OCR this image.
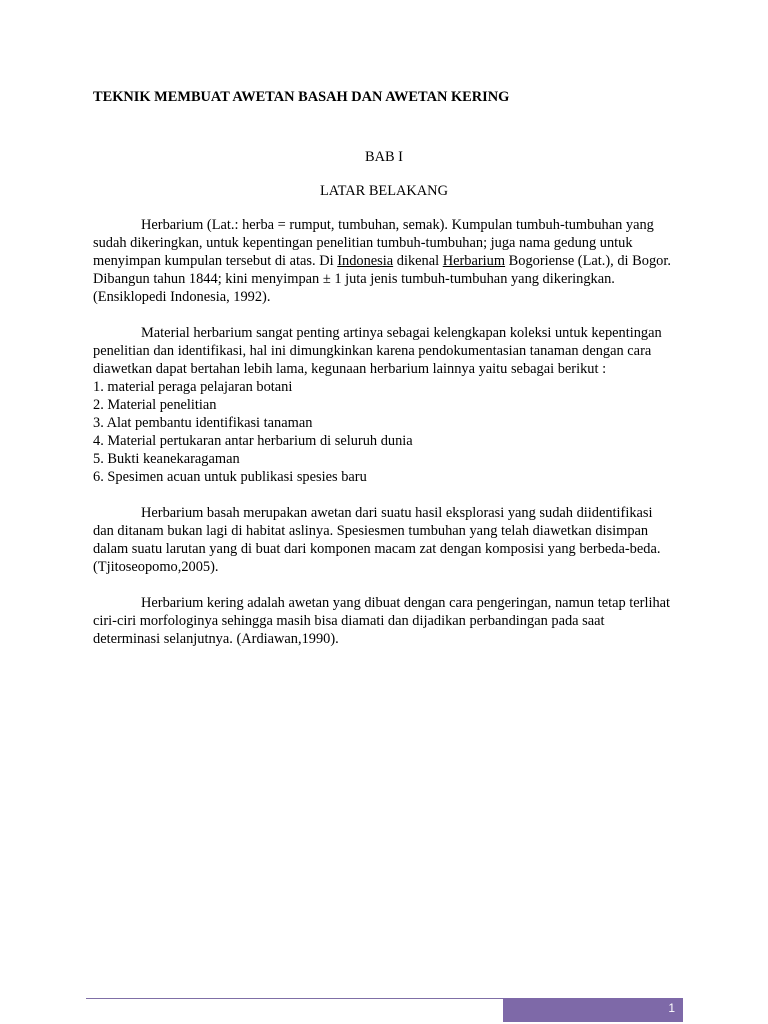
TEKNIK MEMBUAT AWETAN BASAH DAN AWETAN KERING
BAB I
LATAR BELAKANG

Herbarium (Lat.: herba = rumput, tumbuhan, semak). Kumpulan tumbuh-tumbuhan yang sudah dikeringkan, untuk kepentingan penelitian tumbuh-tumbuhan; juga nama gedung untuk menyimpan kumpulan tersebut di atas. Di Indonesia dikenal Herbarium Bogoriense (Lat.), di Bogor. Dibangun tahun 1844; kini menyimpan ± 1 juta jenis tumbuh-tumbuhan yang dikeringkan. (Ensiklopedi Indonesia, 1992).

Material herbarium sangat penting artinya sebagai kelengkapan koleksi untuk kepentingan penelitian dan identifikasi, hal ini dimungkinkan karena pendokumentasian tanaman dengan cara diawetkan dapat bertahan lebih lama, kegunaan herbarium lainnya yaitu sebagai berikut :

1. material peraga pelajaran botani
2. Material penelitian
3. Alat pembantu identifikasi tanaman
4. Material pertukaran antar herbarium di seluruh dunia
5. Bukti keanekaragaman
6. Spesimen acuan untuk publikasi spesies baru

Herbarium basah merupakan awetan dari suatu hasil eksplorasi yang sudah diidentifikasi dan ditanam bukan lagi di habitat aslinya. Spesiesmen tumbuhan yang telah diawetkan disimpan dalam suatu larutan yang di buat dari komponen macam zat dengan komposisi yang berbeda-beda. (Tjitoseopomo,2005).

Herbarium kering adalah awetan yang dibuat dengan cara pengeringan, namun tetap terlihat ciri-ciri morfologinya sehingga masih bisa diamati dan dijadikan perbandingan pada saat determinasi selanjutnya. (Ardiawan,1990).

1
